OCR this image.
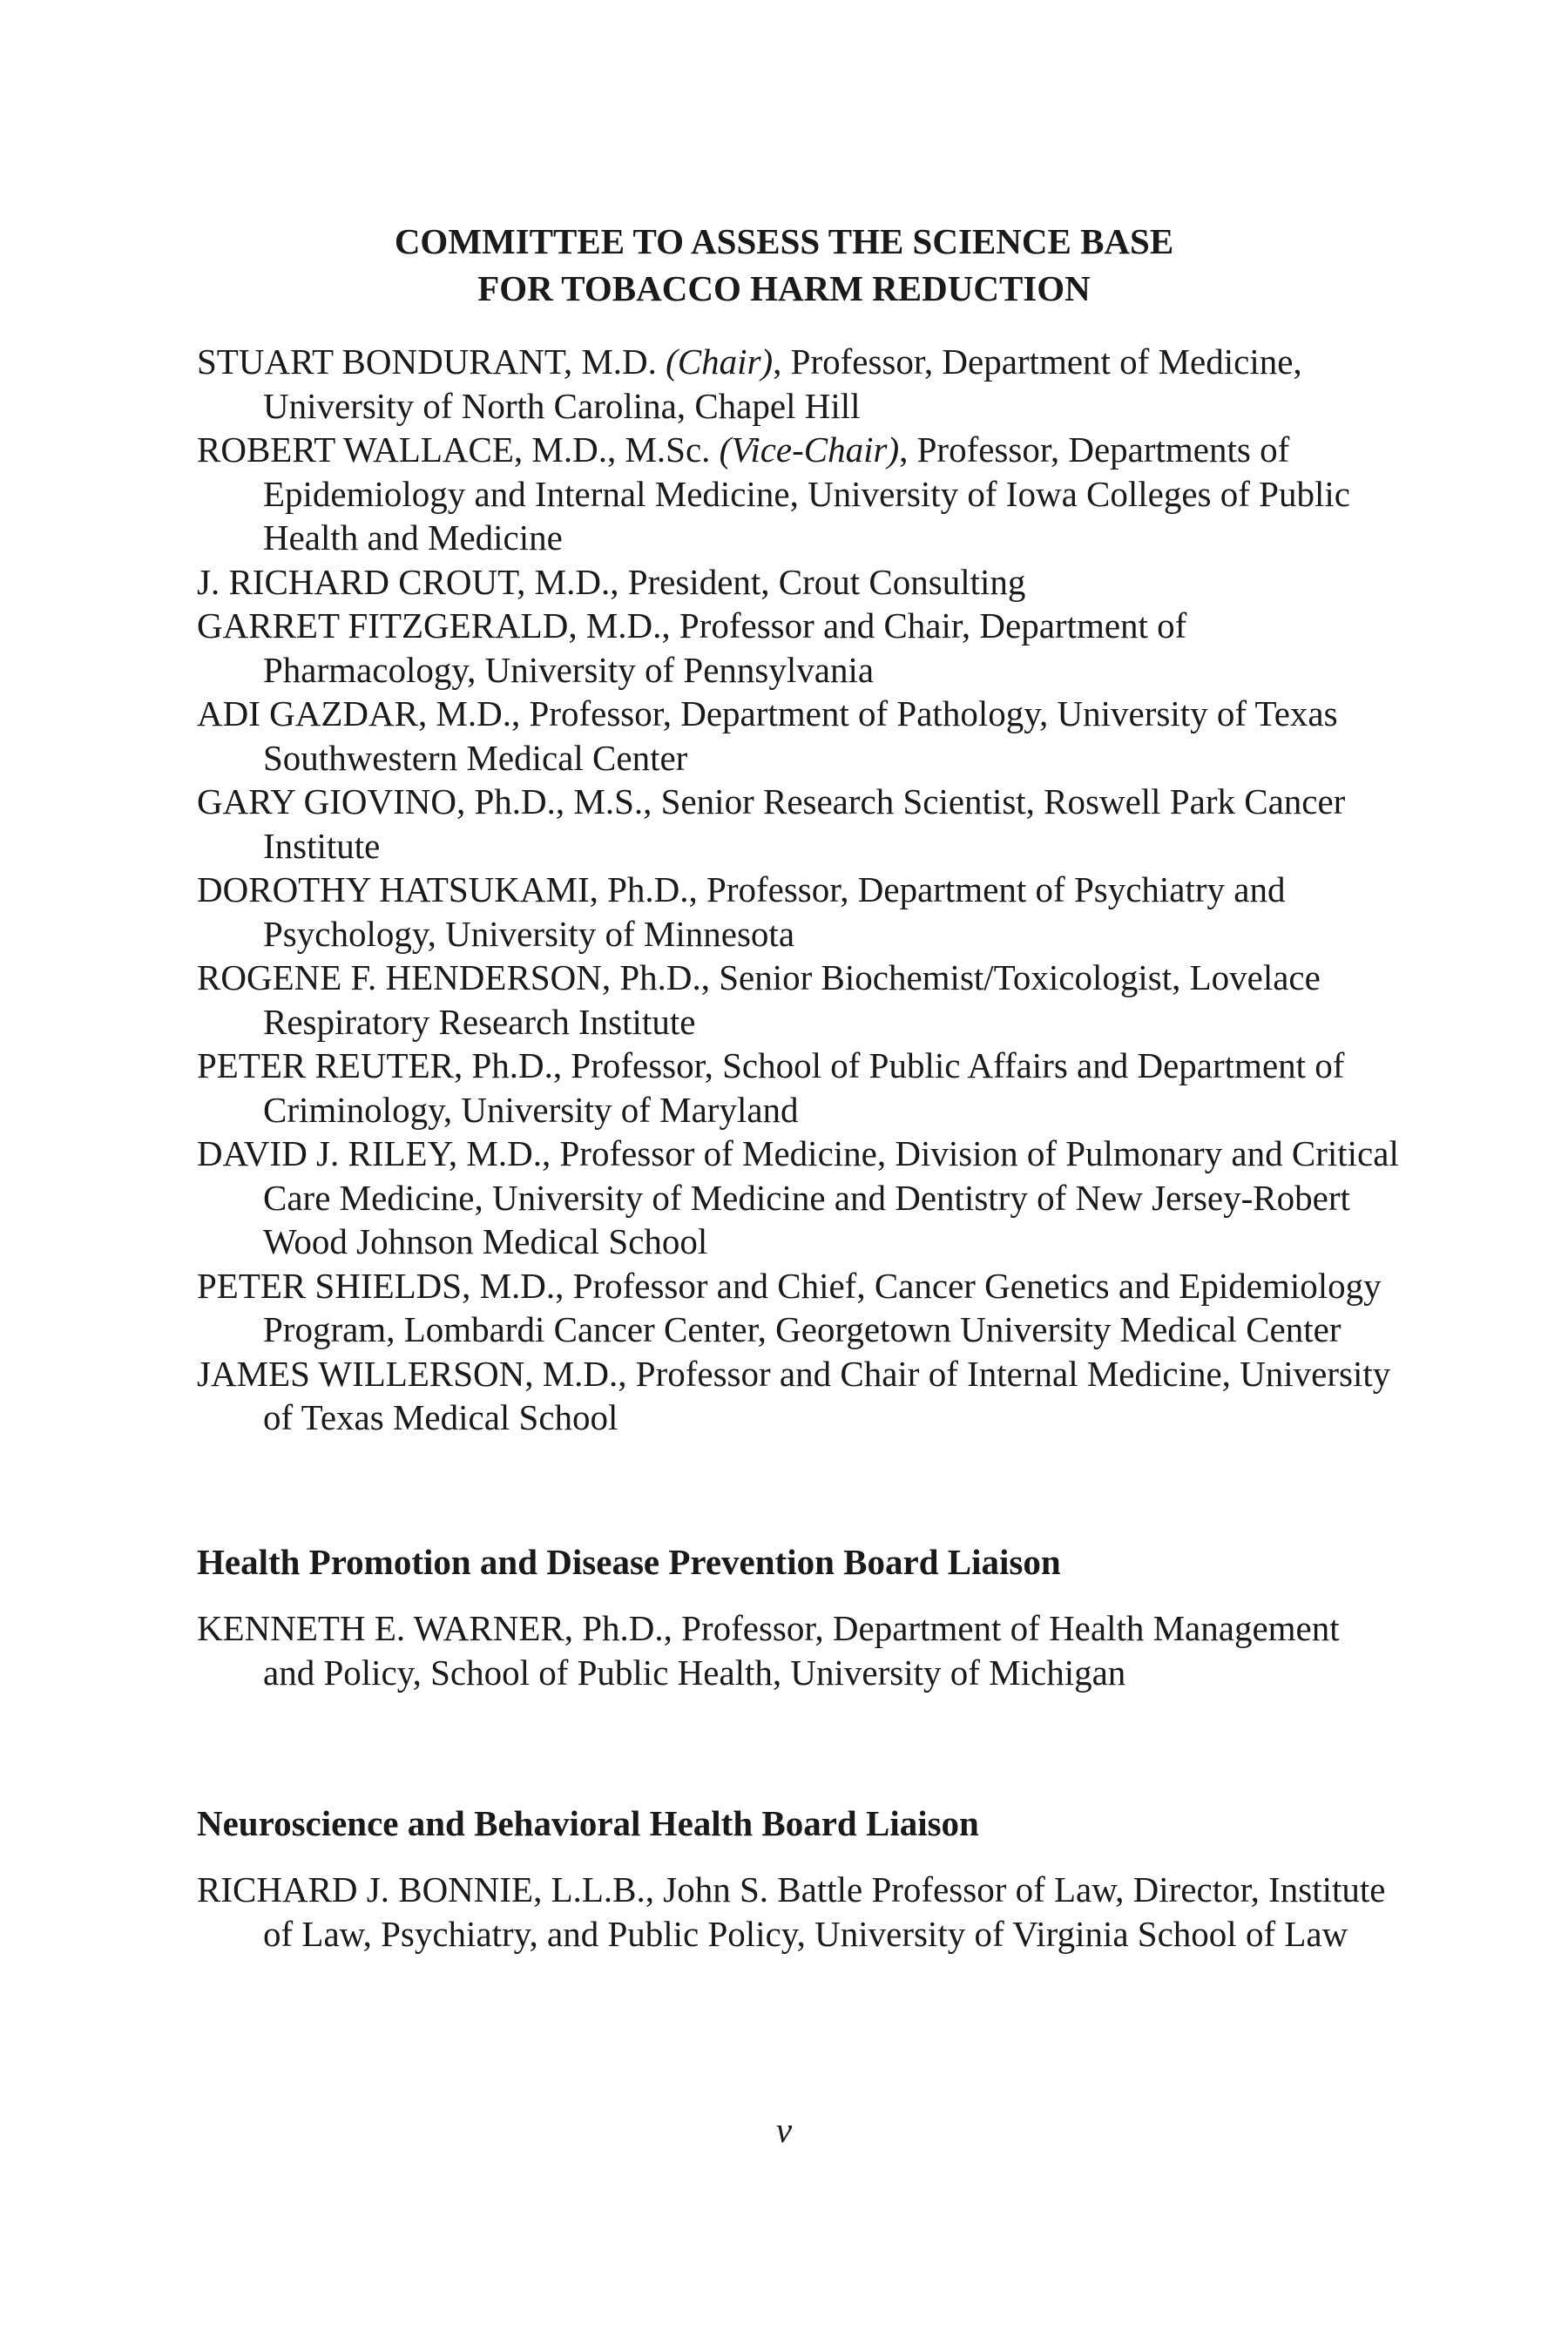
COMMITTEE TO ASSESS THE SCIENCE BASE
FOR TOBACCO HARM REDUCTION
STUART BONDURANT, M.D. (Chair), Professor, Department of Medicine, University of North Carolina, Chapel Hill
ROBERT WALLACE, M.D., M.Sc. (Vice-Chair), Professor, Departments of Epidemiology and Internal Medicine, University of Iowa Colleges of Public Health and Medicine
J. RICHARD CROUT, M.D., President, Crout Consulting
GARRET FITZGERALD, M.D., Professor and Chair, Department of Pharmacology, University of Pennsylvania
ADI GAZDAR, M.D., Professor, Department of Pathology, University of Texas Southwestern Medical Center
GARY GIOVINO, Ph.D., M.S., Senior Research Scientist, Roswell Park Cancer Institute
DOROTHY HATSUKAMI, Ph.D., Professor, Department of Psychiatry and Psychology, University of Minnesota
ROGENE F. HENDERSON, Ph.D., Senior Biochemist/Toxicologist, Lovelace Respiratory Research Institute
PETER REUTER, Ph.D., Professor, School of Public Affairs and Department of Criminology, University of Maryland
DAVID J. RILEY, M.D., Professor of Medicine, Division of Pulmonary and Critical Care Medicine, University of Medicine and Dentistry of New Jersey-Robert Wood Johnson Medical School
PETER SHIELDS, M.D., Professor and Chief, Cancer Genetics and Epidemiology Program, Lombardi Cancer Center, Georgetown University Medical Center
JAMES WILLERSON, M.D., Professor and Chair of Internal Medicine, University of Texas Medical School
Health Promotion and Disease Prevention Board Liaison
KENNETH E. WARNER, Ph.D., Professor, Department of Health Management and Policy, School of Public Health, University of Michigan
Neuroscience and Behavioral Health Board Liaison
RICHARD J. BONNIE, L.L.B., John S. Battle Professor of Law, Director, Institute of Law, Psychiatry, and Public Policy, University of Virginia School of Law
v
